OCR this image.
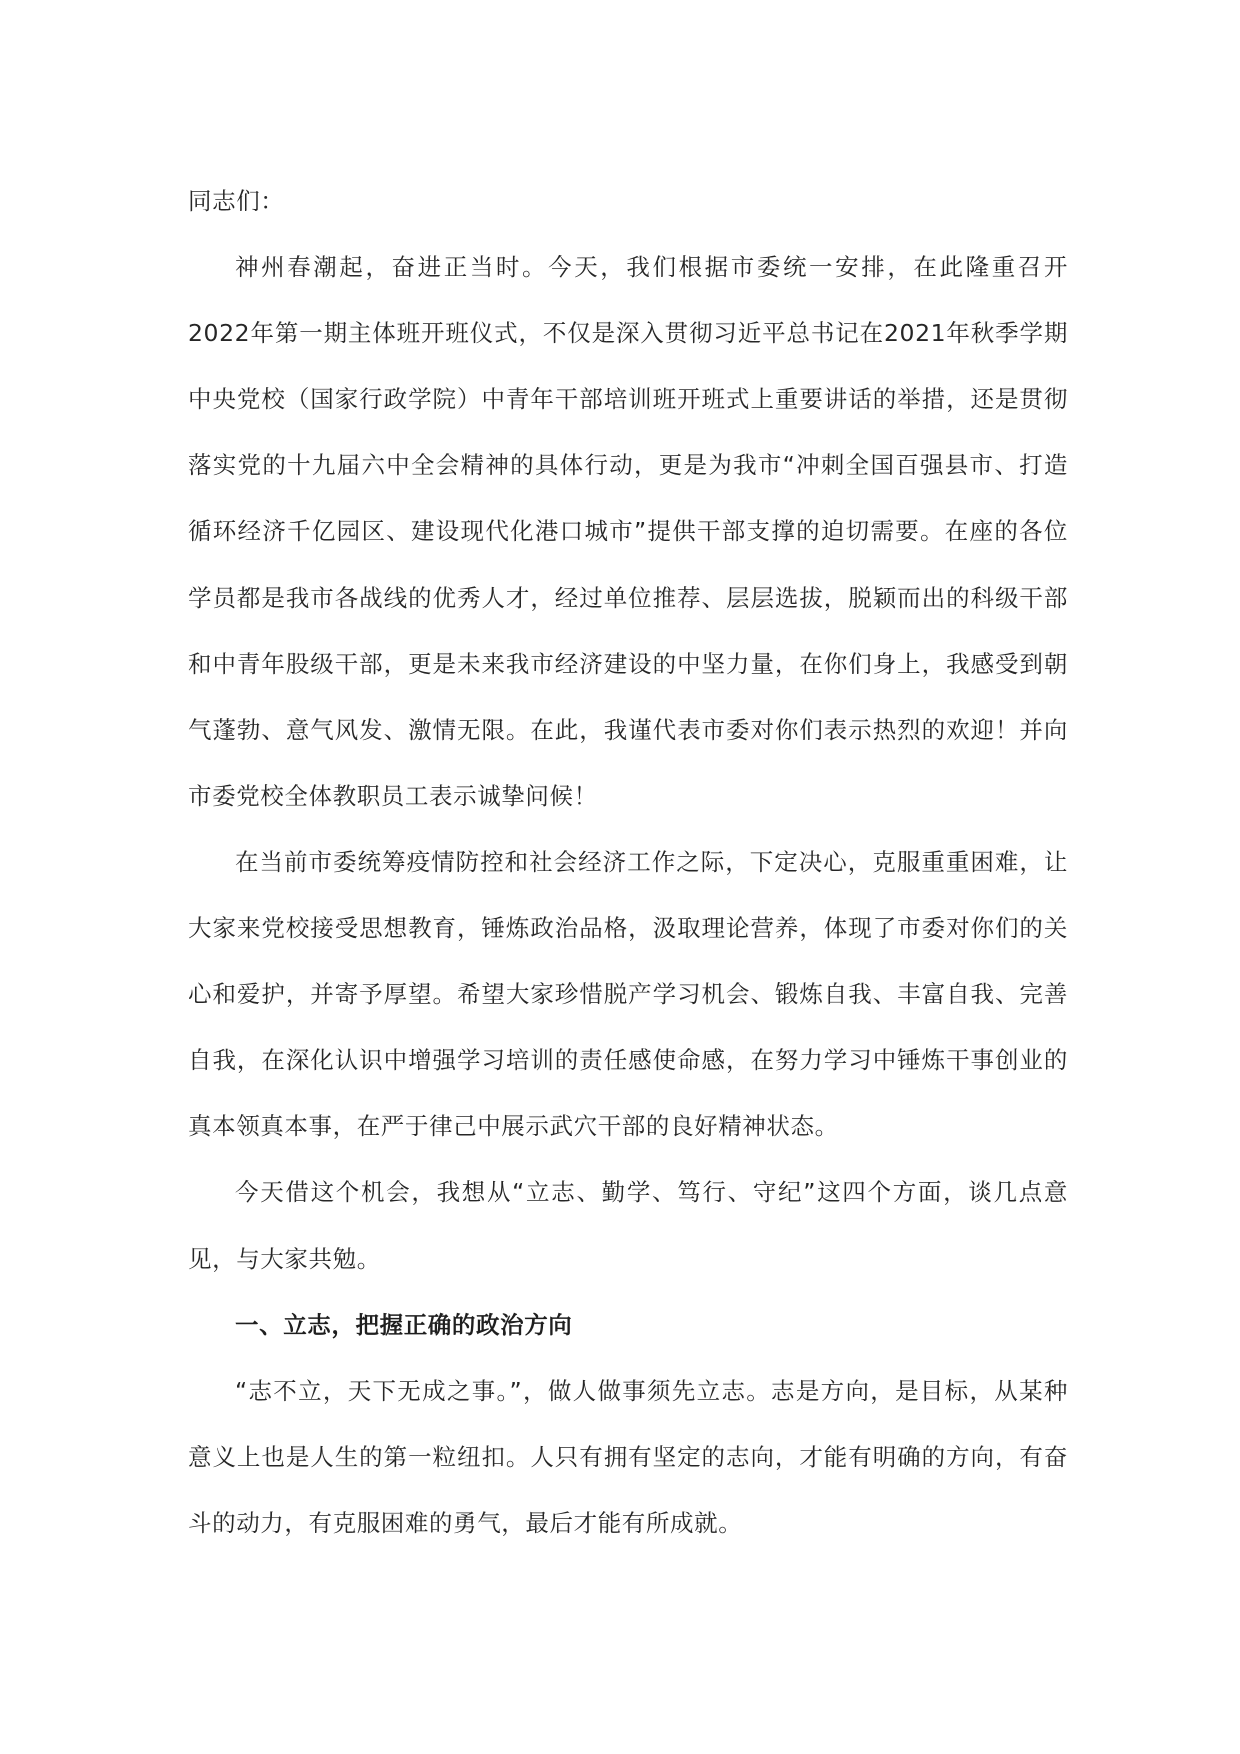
同志们：

神州春潮起，奋进正当时。今天，我们根据市委统一安排，在此隆重召开2022年第一期主体班开班仪式，不仅是深入贯彻习近平总书记在2021年秋季学期中央党校（国家行政学院）中青年干部培训班开班式上重要讲话的举措，还是贯彻落实党的十九届六中全会精神的具体行动，更是为我市“冲刺全国百强县市、打造循环经济千亿园区、建设现代化港口城市”提供干部支撑的迫切需要。在座的各位学员都是我市各战线的优秀人才，经过单位推荐、层层选拔，脱颖而出的科级干部和中青年股级干部，更是未来我市经济建设的中坚力量，在你们身上，我感受到朝气蓬勃、意气风发、激情无限。在此，我谨代表市委对你们表示热烈的欢迎！并向市委党校全体教职员工表示诚挚问候！

在当前市委统筹疫情防控和社会经济工作之际，下定决心，克服重重困难，让大家来党校接受思想教育，锤炼政治品格，汲取理论营养，体现了市委对你们的关心和爱护，并寄予厚望。希望大家珍惜脱产学习机会、锻炼自我、丰富自我、完善自我，在深化认识中增强学习培训的责任感使命感，在努力学习中锤炼干事创业的真本领真本事，在严于律己中展示武穴干部的良好精神状态。

今天借这个机会，我想从“立志、勤学、笃行、守纪”这四个方面，谈几点意见，与大家共勉。

一、立志，把握正确的政治方向

“志不立，天下无成之事。”，做人做事须先立志。志是方向，是目标，从某种意义上也是人生的第一粒纽扣。人只有拥有坚定的志向，才能有明确的方向，有奋斗的动力，有克服困难的勇气，最后才能有所成就。
